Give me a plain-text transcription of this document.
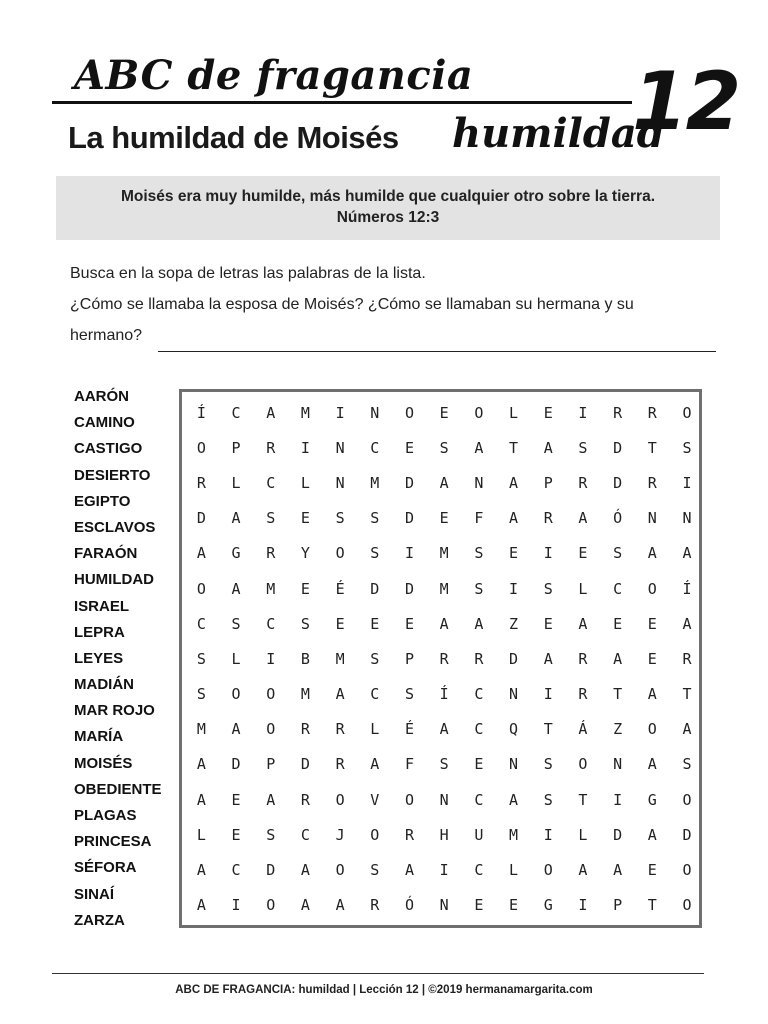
ABC de fragancia 12
La humildad de Moisés humildad
Moisés era muy humilde, más humilde que cualquier otro sobre la tierra.
Números 12:3
Busca en la sopa de letras las palabras de la lista.
¿Cómo se llamaba la esposa de Moisés? ¿Cómo se llamaban su hermana y su
hermano?
AARÓN
CAMINO
CASTIGO
DESIERTO
EGIPTO
ESCLAVOS
FARAÓN
HUMILDAD
ISRAEL
LEPRA
LEYES
MADIÁN
MAR ROJO
MARÍA
MOISÉS
OBEDIENTE
PLAGAS
PRINCESA
SÉFORA
SINAÍ
ZARZA
Í	C	A	M	I	N	O	E	O	L	E	I	R	R	O
O	P	R	I	N	C	E	S	A	T	A	S	D	T	S
R	L	C	L	N	M	D	A	N	A	P	R	D	R	I
D	A	S	E	S	S	D	E	F	A	R	A	Ó	N	N
A	G	R	Y	O	S	I	M	S	E	I	E	S	A	A
O	A	M	E	É	D	D	M	S	I	S	L	C	O	Í
C	S	C	S	E	E	E	A	A	Z	E	A	E	E	A
S	L	I	B	M	S	P	R	R	D	A	R	A	E	R
S	O	O	M	A	C	S	Í	C	N	I	R	T	A	T
M	A	O	R	R	L	É	A	C	Q	T	Á	Z	O	A
A	D	P	D	R	A	F	S	E	N	S	O	N	A	S
A	E	A	R	O	V	O	N	C	A	S	T	I	G	O
L	E	S	C	J	O	R	H	U	M	I	L	D	A	D
A	C	D	A	O	S	A	I	C	L	O	A	A	E	O
A	I	O	A	A	R	Ó	N	E	E	G	I	P	T	O
ABC DE FRAGANCIA: humildad | Lección 12 | ©2019 hermanamargarita.com
